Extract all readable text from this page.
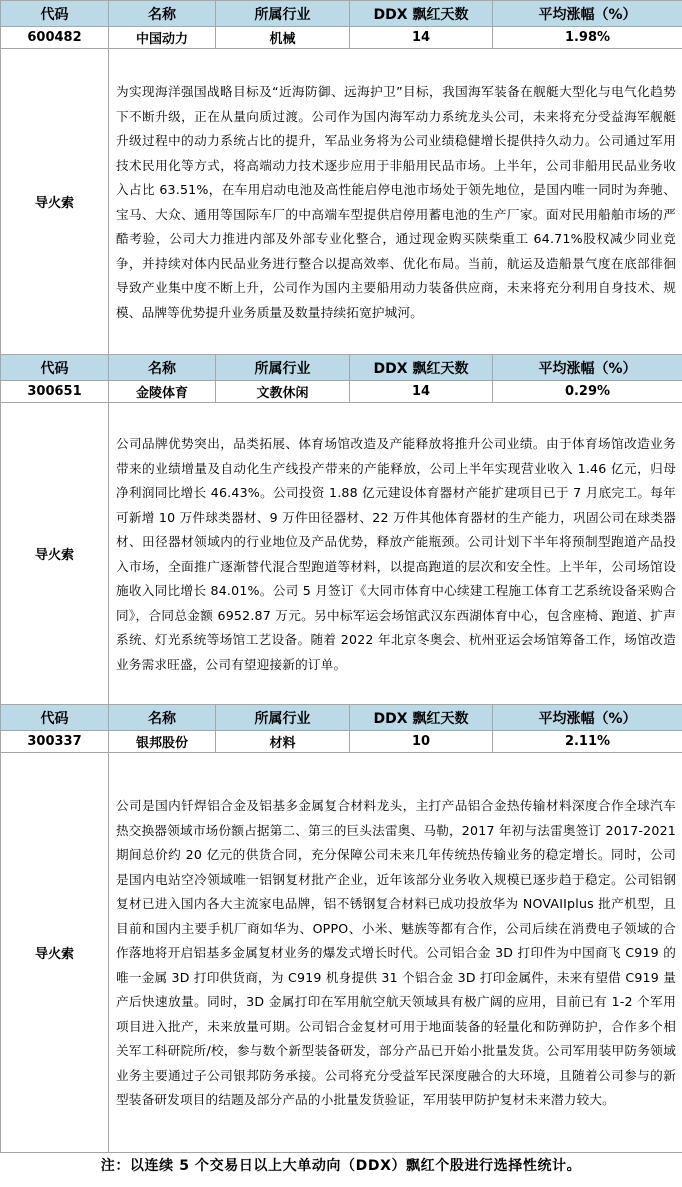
代码	名称	所属行业	DDX 飘红天数	平均涨幅（%）
600482	中国动力	机械	14	1.98%
导火索	为实现海洋强国战略目标及“近海防御、远海护卫”目标，我国海军装备在舰艇大型化与电气化趋势下不断升级，正在从量向质过渡。公司作为国内海军动力系统龙头公司，未来将充分受益海军舰艇升级过程中的动力系统占比的提升，军品业务将为公司业绩稳健增长提供持久动力。公司通过军用技术民用化等方式，将高端动力技术逐步应用于非船用民品市场。上半年，公司非船用民品业务收入占比 63.51%，在车用启动电池及高性能启停电池市场处于领先地位，是国内唯一同时为奔驰、宝马、大众、通用等国际车厂的中高端车型提供启停用蓄电池的生产厂家。面对民用船舶市场的严酷考验，公司大力推进内部及外部专业化整合，通过现金购买陕柴重工 64.71%股权减少同业竞争，并持续对体内民品业务进行整合以提高效率、优化布局。当前，航运及造船景气度在底部徘徊导致产业集中度不断上升，公司作为国内主要船用动力装备供应商，未来将充分利用自身技术、规模、品牌等优势提升业务质量及数量持续拓宽护城河。			
代码	名称	所属行业	DDX 飘红天数	平均涨幅（%）
300651	金陵体育	文教休闲	14	0.29%
导火索	公司品牌优势突出，品类拓展、体育场馆改造及产能释放将推升公司业绩。由于体育场馆改造业务带来的业绩增量及自动化生产线投产带来的产能释放，公司上半年实现营业收入 1.46 亿元，归母净利润同比增长 46.43%。公司投资 1.88 亿元建设体育器材产能扩建项目已于 7 月底完工。每年可新增 10 万件球类器材、9 万件田径器材、22 万件其他体育器材的生产能力，巩固公司在球类器材、田径器材领域内的行业地位及产品优势，释放产能瓶颈。公司计划下半年将预制型跑道产品投入市场，全面推广逐渐替代混合型跑道等材料，以提高跑道的层次和安全性。上半年，公司场馆设施收入同比增长 84.01%。公司 5 月签订《大同市体育中心续建工程施工体育工艺系统设备采购合同》，合同总金额 6952.87 万元。另中标军运会场馆武汉东西湖体育中心，包含座椅、跑道、扩声系统、灯光系统等场馆工艺设备。随着 2022 年北京冬奥会、杭州亚运会场馆筹备工作，场馆改造业务需求旺盛，公司有望迎接新的订单。			
代码	名称	所属行业	DDX 飘红天数	平均涨幅（%）
300337	银邦股份	材料	10	2.11%
导火索	公司是国内钎焊铝合金及铝基多金属复合材料龙头，主打产品铝合金热传输材料深度合作全球汽车热交换器领域市场份额占据第二、第三的巨头法雷奥、马勒，2017 年初与法雷奥签订 2017-2021 期间总价约 20 亿元的供货合同，充分保障公司未来几年传统热传输业务的稳定增长。同时，公司是国内电站空冷领域唯一铝钢复材批产企业，近年该部分业务收入规模已逐步趋于稳定。公司铝钢复材已进入国内各大主流家电品牌，铝不锈钢复合材料已成功投放华为 NOVAIIplus 批产机型，且目前和国内主要手机厂商如华为、OPPO、小米、魅族等都有合作，公司后续在消费电子领域的合作落地将开启铝基多金属复材业务的爆发式增长时代。公司铝合金 3D 打印件为中国商飞 C919 的唯一金属 3D 打印供货商，为 C919 机身提供 31 个铝合金 3D 打印金属件，未来有望借 C919 量产后快速放量。同时，3D 金属打印在军用航空航天领域具有极广阔的应用，目前已有 1-2 个军用项目进入批产，未来放量可期。公司铝合金复材可用于地面装备的轻量化和防弹防护，合作多个相关军工科研院所/校，参与数个新型装备研发，部分产品已开始小批量发货。公司军用装甲防务领域业务主要通过子公司银邦防务承接。公司将充分受益军民深度融合的大环境，且随着公司参与的新型装备研发项目的结题及部分产品的小批量发货验证，军用装甲防护复材未来潜力较大。			
注：以连续 5 个交易日以上大单动向（DDX）飘红个股进行选择性统计。
